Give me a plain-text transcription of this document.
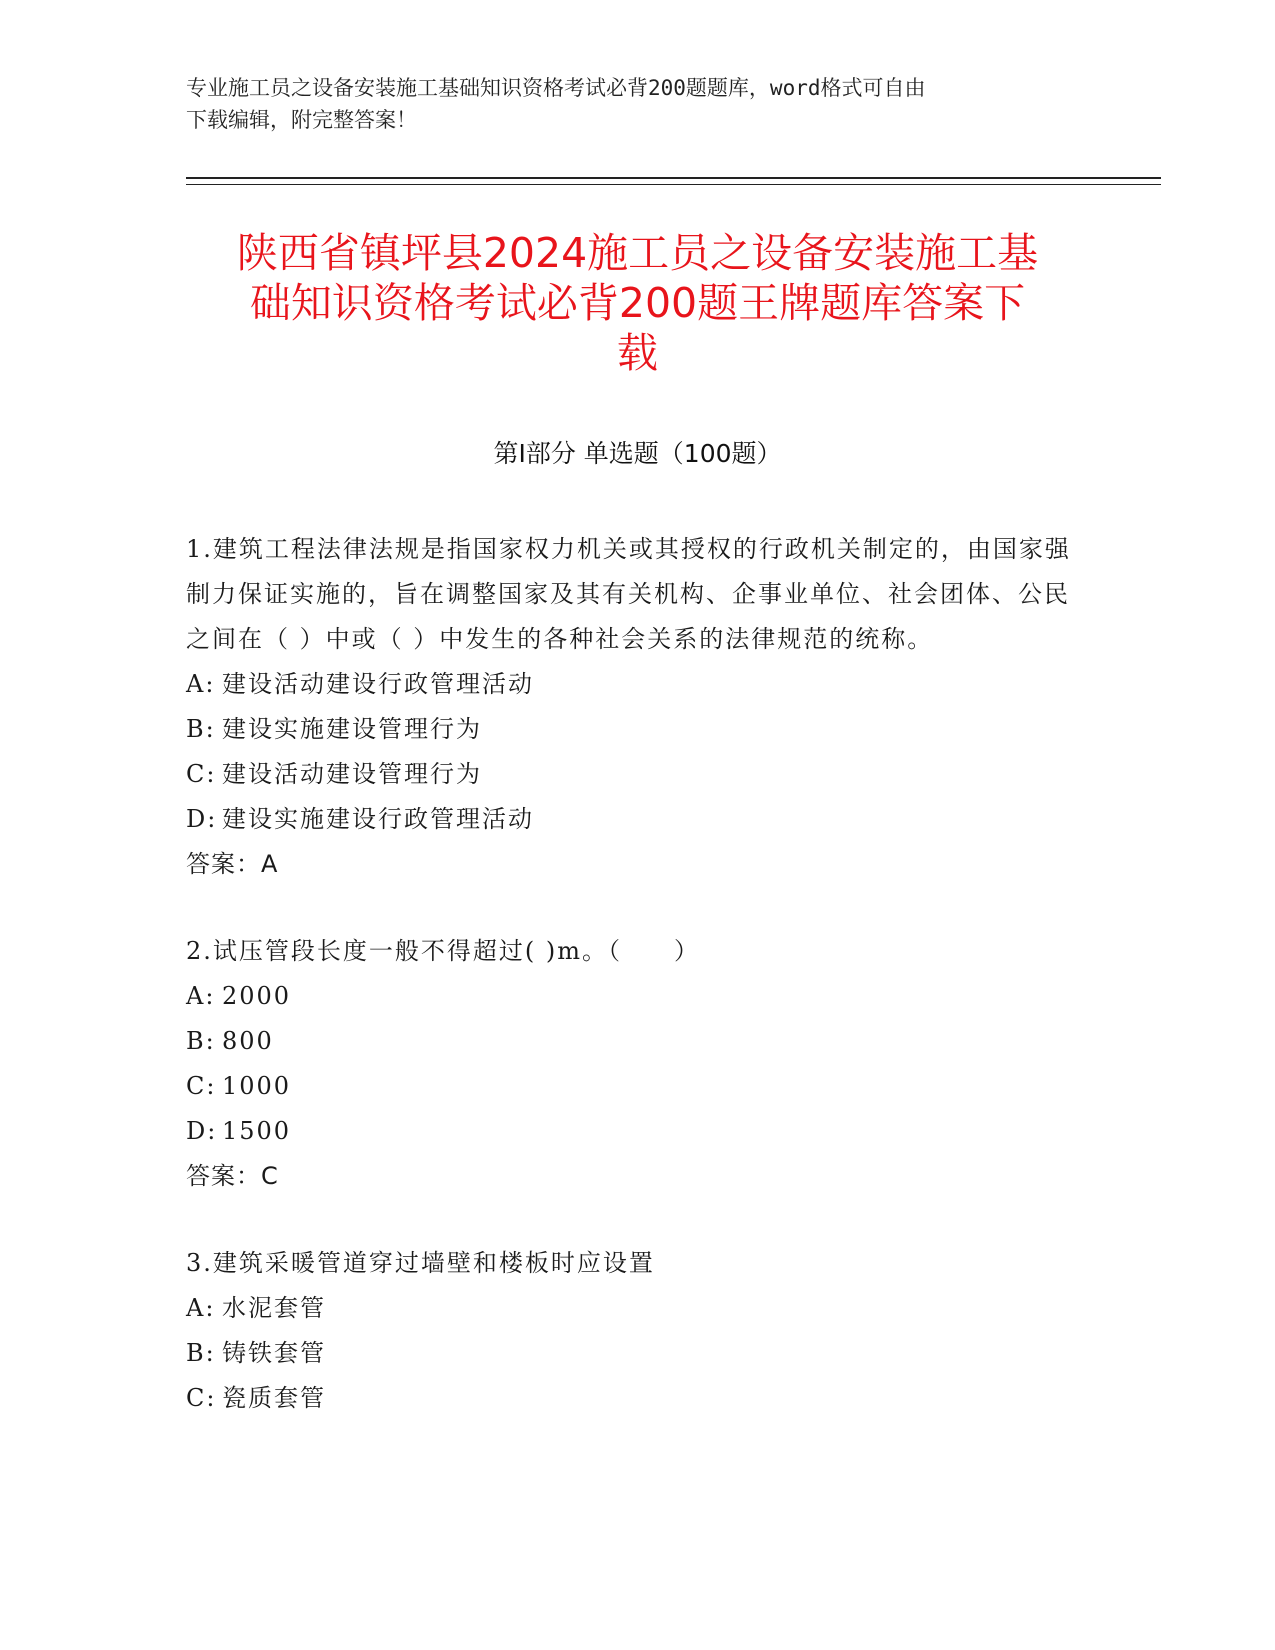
专业施工员之设备安装施工基础知识资格考试必背200题题库，word格式可自由
下载编辑，附完整答案！
陕西省镇坪县2024施工员之设备安装施工基
础知识资格考试必背200题王牌题库答案下
载
第I部分 单选题（100题）
1.建筑工程法律法规是指国家权力机关或其授权的行政机关制定的，由国家强制力保证实施的，旨在调整国家及其有关机构、企事业单位、社会团体、公民之间在（ ）中或（ ）中发生的各种社会关系的法律规范的统称。
A: 建设活动建设行政管理活动
B: 建设实施建设管理行为
C: 建设活动建设管理行为
D: 建设实施建设行政管理活动
答案：A
2.试压管段长度一般不得超过( )m。（　　）
A: 2000
B: 800
C: 1000
D: 1500
答案：C
3.建筑采暖管道穿过墙壁和楼板时应设置
A: 水泥套管
B: 铸铁套管
C: 瓷质套管
